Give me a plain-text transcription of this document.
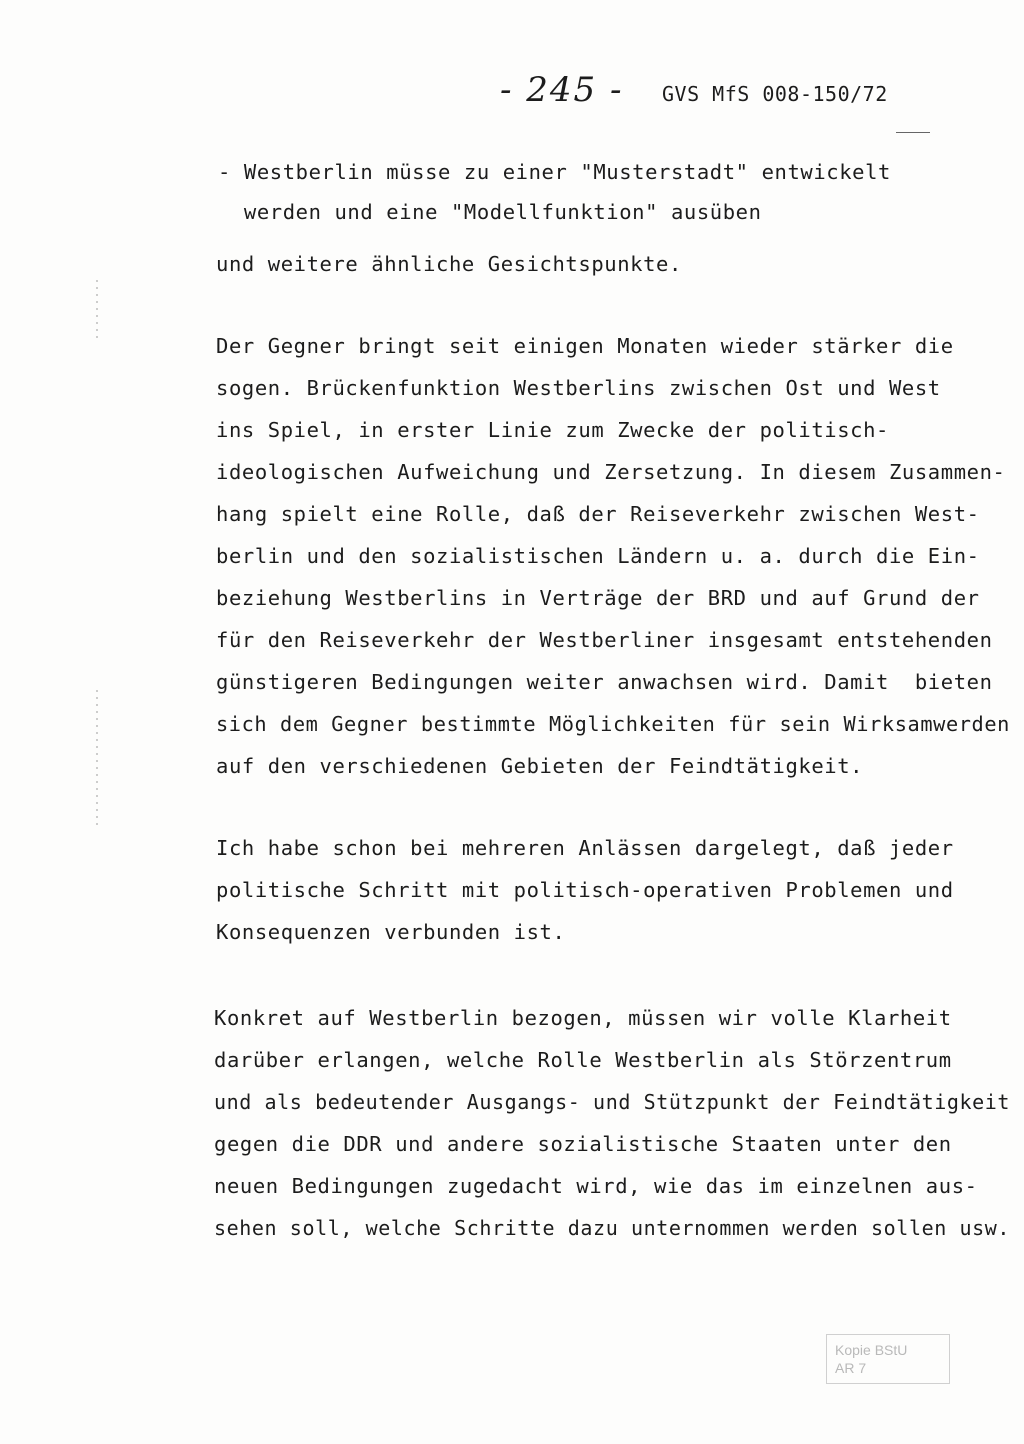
- 245 - GVS MfS 008-150/72
- Westberlin müsse zu einer "Musterstadt" entwickelt
werden und eine "Modellfunktion" ausüben
und weitere ähnliche Gesichtspunkte.
Der Gegner bringt seit einigen Monaten wieder stärker die
sogen. Brückenfunktion Westberlins zwischen Ost und West
ins Spiel, in erster Linie zum Zwecke der politisch-
ideologischen Aufweichung und Zersetzung. In diesem Zusammen-
hang spielt eine Rolle, daß der Reiseverkehr zwischen West-
berlin und den sozialistischen Ländern u. a. durch die Ein-
beziehung Westberlins in Verträge der BRD und auf Grund der
für den Reiseverkehr der Westberliner insgesamt entstehenden
günstigeren Bedingungen weiter anwachsen wird. Damit  bieten
sich dem Gegner bestimmte Möglichkeiten für sein Wirksamwerden
auf den verschiedenen Gebieten der Feindtätigkeit.
Ich habe schon bei mehreren Anlässen dargelegt, daß jeder
politische Schritt mit politisch-operativen Problemen und
Konsequenzen verbunden ist.
Konkret auf Westberlin bezogen, müssen wir volle Klarheit
darüber erlangen, welche Rolle Westberlin als Störzentrum
und als bedeutender Ausgangs- und Stützpunkt der Feindtätigkeit
gegen die DDR und andere sozialistische Staaten unter den
neuen Bedingungen zugedacht wird, wie das im einzelnen aus-
sehen soll, welche Schritte dazu unternommen werden sollen usw.
Kopie BStU
AR 7
